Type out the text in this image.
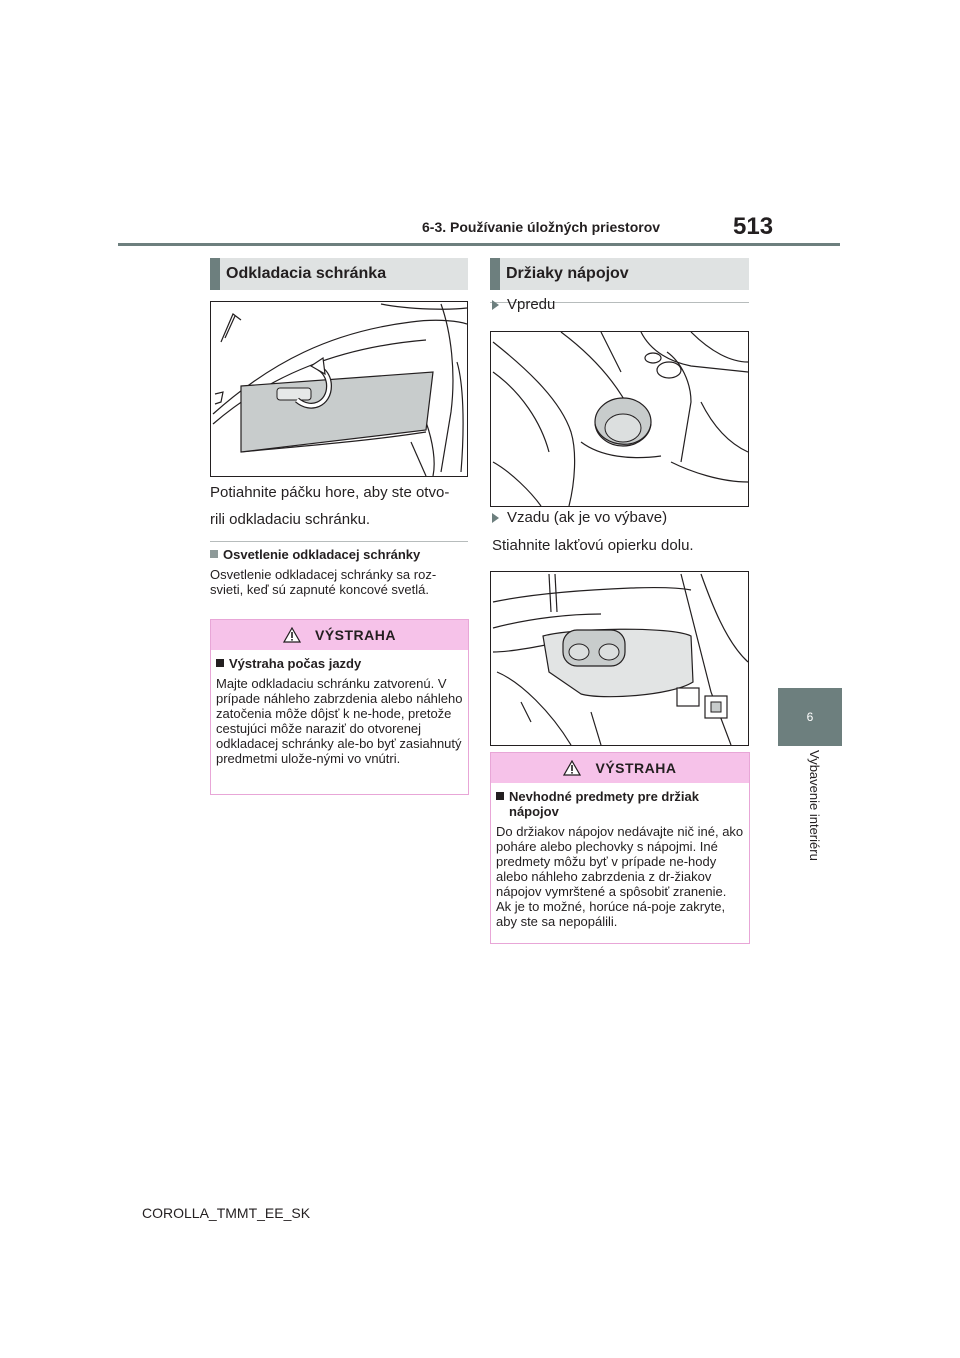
6-3. Používanie úložných priestorov	513
6
Vybavenie interiéru
Odkladacia schránka
Potiahnite páčku hore, aby ste otvo-
rili odkladaciu schránku.
Osvetlenie odkladacej schránky
Osvetlenie odkladacej schránky sa roz-svieti, keď sú zapnuté koncové svetlá.
VÝSTRAHA
Výstraha počas jazdy
Majte odkladaciu schránku zatvorenú. V prípade náhleho zabrzdenia alebo náhleho zatočenia môže dôjsť k ne-hode, pretože cestujúci môže naraziť do otvorenej odkladacej schránky ale-bo byť zasiahnutý predmetmi ulože-nými vo vnútri.
Držiaky nápojov
Vpredu
Vzadu (ak je vo výbave)
Stiahnite lakťovú opierku dolu.
VÝSTRAHA
Nevhodné predmety pre držiak nápojov
Do držiakov nápojov nedávajte nič iné, ako poháre alebo plechovky s nápojmi. Iné predmety môžu byť v prípade ne-hody alebo náhleho zabrzdenia z dr-žiakov nápojov vymrštené a spôsobiť zranenie. Ak je to možné, horúce ná-poje zakryte, aby ste sa nepopálili.
COROLLA_TMMT_EE_SK
